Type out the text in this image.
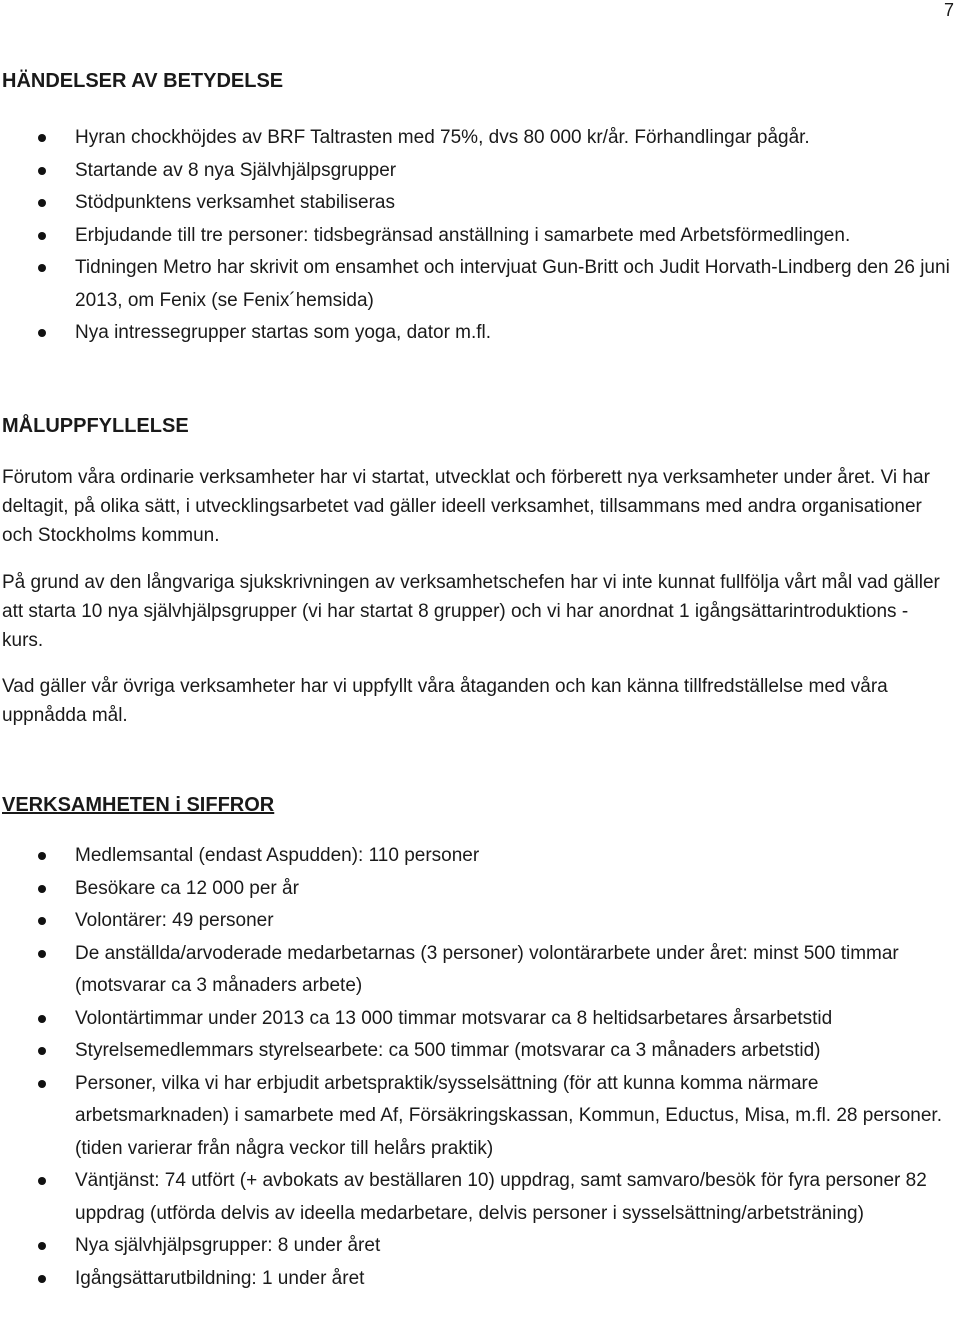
7
HÄNDELSER AV BETYDELSE
Hyran chockhöjdes av BRF Taltrasten med 75%, dvs 80 000 kr/år. Förhandlingar pågår.
Startande av 8 nya Självhjälpsgrupper
Stödpunktens verksamhet stabiliseras
Erbjudande till tre personer: tidsbegränsad anställning i samarbete med Arbetsförmedlingen.
Tidningen Metro har skrivit om ensamhet och intervjuat Gun-Britt och Judit Horvath-Lindberg den 26 juni 2013, om Fenix (se Fenix´hemsida)
Nya intressegrupper startas som yoga, dator m.fl.
MÅLUPPFYLLELSE

Förutom våra ordinarie verksamheter har vi startat, utvecklat och förberett nya verksamheter under året. Vi har deltagit, på olika sätt, i utvecklingsarbetet vad gäller ideell verksamhet, tillsammans med andra organisationer och Stockholms kommun.

På grund av den långvariga sjukskrivningen av verksamhetschefen har vi inte kunnat fullfölja vårt mål vad gäller att starta 10 nya självhjälpsgrupper (vi har startat 8 grupper) och vi har anordnat 1 igångsättarintroduktions - kurs.

Vad gäller vår övriga verksamheter har vi uppfyllt våra åtaganden och kan känna tillfredställelse med våra uppnådda mål.

VERKSAMHETEN i SIFFROR
Medlemsantal (endast Aspudden): 110 personer
Besökare ca 12 000 per år
Volontärer: 49 personer
De anställda/arvoderade medarbetarnas (3 personer) volontärarbete under året: minst 500 timmar (motsvarar ca 3 månaders arbete)
Volontärtimmar under 2013 ca 13 000 timmar motsvarar ca 8 heltidsarbetares årsarbetstid
Styrelsemedlemmars styrelsearbete: ca 500 timmar (motsvarar ca 3 månaders arbetstid)
Personer, vilka vi har erbjudit arbetspraktik/sysselsättning (för att kunna komma närmare arbetsmarknaden) i samarbete med Af, Försäkringskassan, Kommun, Eductus, Misa, m.fl. 28 personer. (tiden varierar från några veckor till helårs praktik)
Väntjänst: 74 utfört (+ avbokats av beställaren 10) uppdrag, samt samvaro/besök för fyra personer 82 uppdrag (utförda delvis av ideella medarbetare, delvis personer i sysselsättning/arbetsträning)
Nya självhjälpsgrupper: 8 under året
Igångsättarutbildning: 1 under året
